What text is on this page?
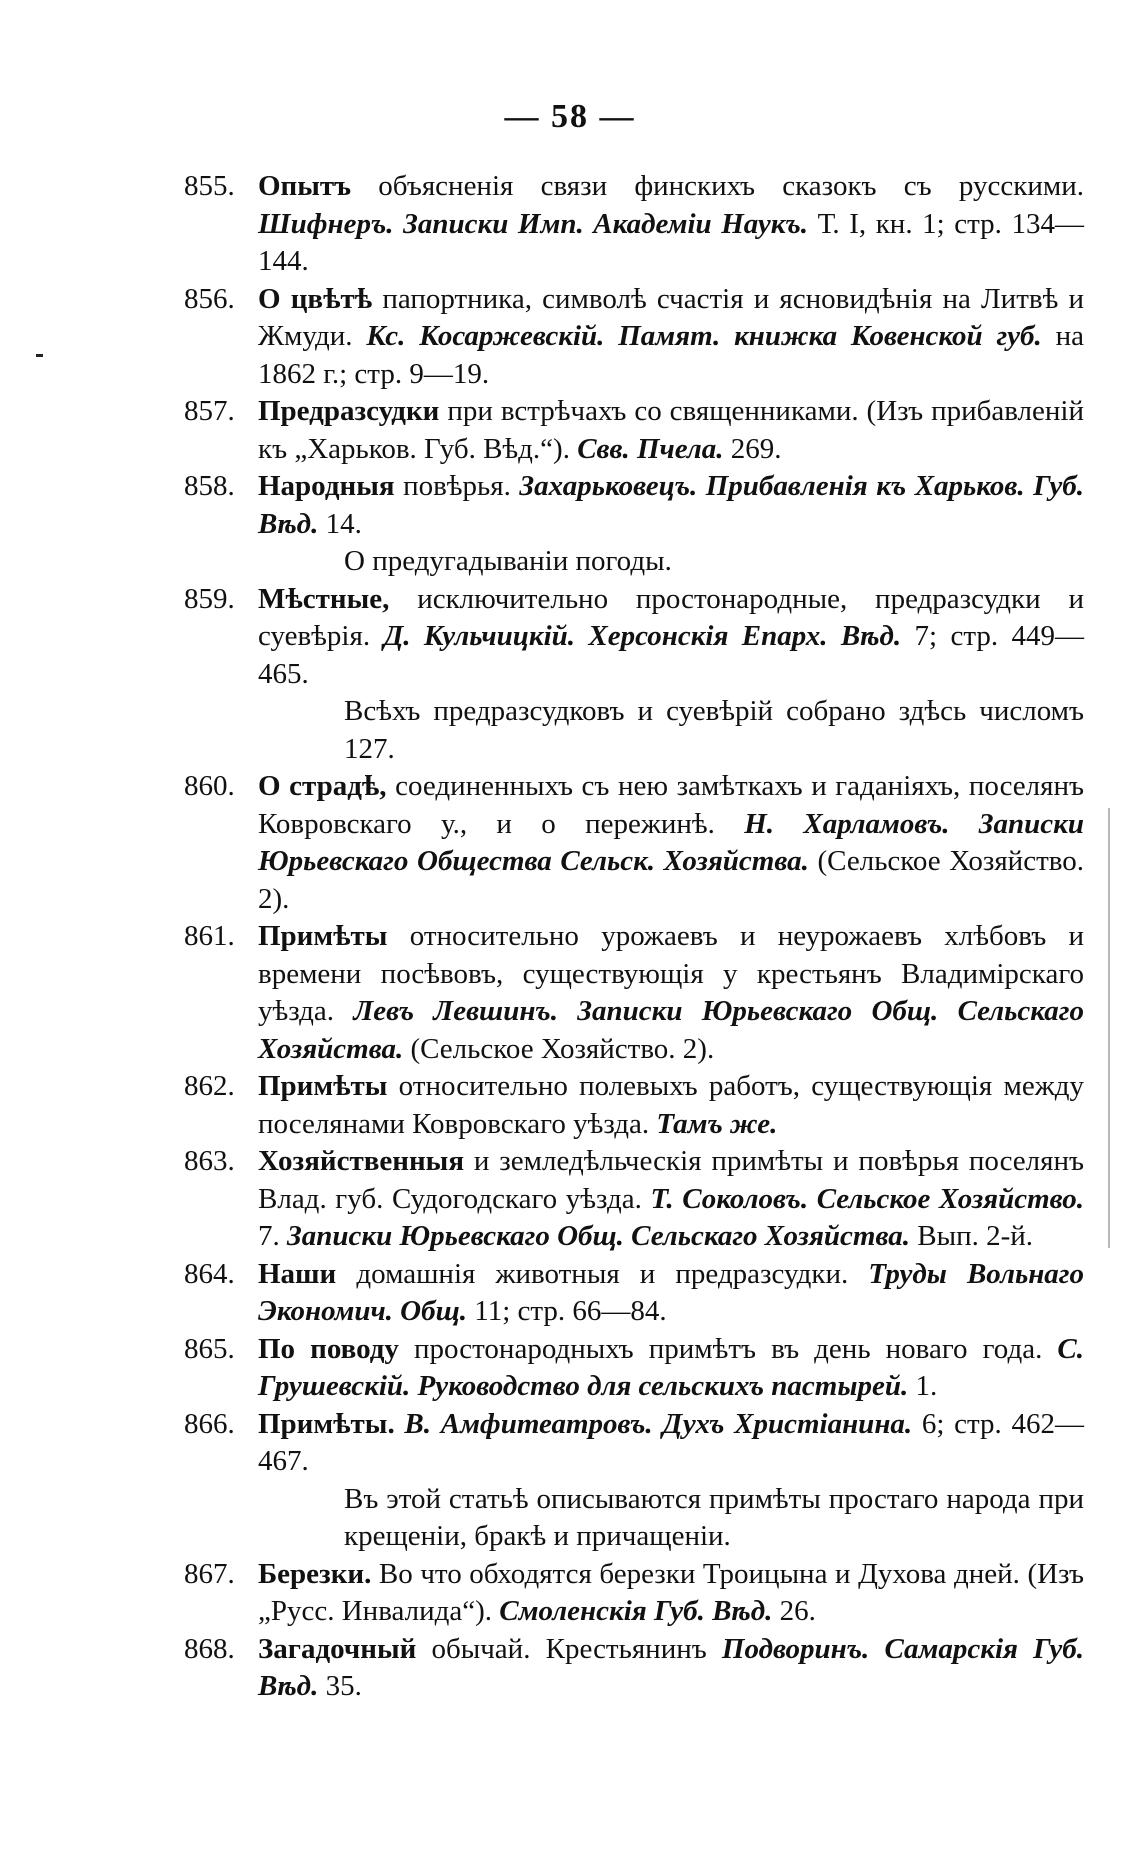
— 58 —

855 . Опытъ объясненія связи финскихъ сказокъ съ русскими. Шифнеръ. Записки Имп. Академіи Наукъ. Т. I, кн. 1; стр. 134—144.

856 . О цвѣтѣ папортника, символѣ счастія и ясновидѣнія на Литвѣ и Жмуди. Кс. Косаржевскій. Памят. книжка Ковенской губ. на 1862 г.; стр. 9—19.

857 . Предразсудки при встрѣчахъ со священниками. (Изъ прибавленій къ „Харьков. Губ. Вѣд.“). Свв. Пчела. 269.

858 . Народныя повѣрья. Захарьковецъ. Прибавленія къ Харьков. Губ. Вѣд. 14.

О предугадываніи погоды.

859 . Мѣстные, исключительно простонародные, предразсудки и суевѣрія. Д. Кульчицкій. Херсонскія Епарх. Вѣд. 7; стр. 449—465.

Всѣхъ предразсудковъ и суевѣрій собрано здѣсь числомъ 127.

860 . О страдѣ, соединенныхъ съ нею замѣткахъ и гаданіяхъ, поселянъ Ковровскаго у., и о пережинѣ. Н. Харламовъ. Записки Юрьевскаго Общества Сельск. Хозяйства. (Сельское Хозяйство. 2).

861 . Примѣты относительно урожаевъ и неурожаевъ хлѣбовъ и времени посѣвовъ, существующія у крестьянъ Владимірскаго уѣзда. Левъ Левшинъ. Записки Юрьевскаго Общ. Сельскаго Хозяйства. (Сельское Хозяйство. 2).

862 . Примѣты относительно полевыхъ работъ, существующія между поселянами Ковровскаго уѣзда. Тамъ же.

863 . Хозяйственныя и земледѣльческія примѣты и повѣрья поселянъ Влад. губ. Судогодскаго уѣзда. Т. Соколовъ. Сельское Хозяйство. 7. Записки Юрьевскаго Общ. Сельскаго Хозяйства. Вып. 2-й.

864 . Наши домашнія животныя и предразсудки. Труды Вольнаго Экономич. Общ. 11; стр. 66—84.

865 . По поводу простонародныхъ примѣтъ въ день новаго года. С. Грушевскій. Руководство для сельскихъ пастырей. 1.

866 . Примѣты. В. Амфитеатровъ. Духъ Христіанина. 6; стр. 462—467.

Въ этой статьѣ описываются примѣты простаго народа при крещеніи, бракѣ и причащеніи.

867 . Березки. Во что обходятся березки Троицына и Духова дней. (Изъ „Русс. Инвалида“). Смоленскія Губ. Вѣд. 26.

868 . Загадочный обычай. Крестьянинъ Подворинъ. Самарскія Губ. Вѣд. 35.
